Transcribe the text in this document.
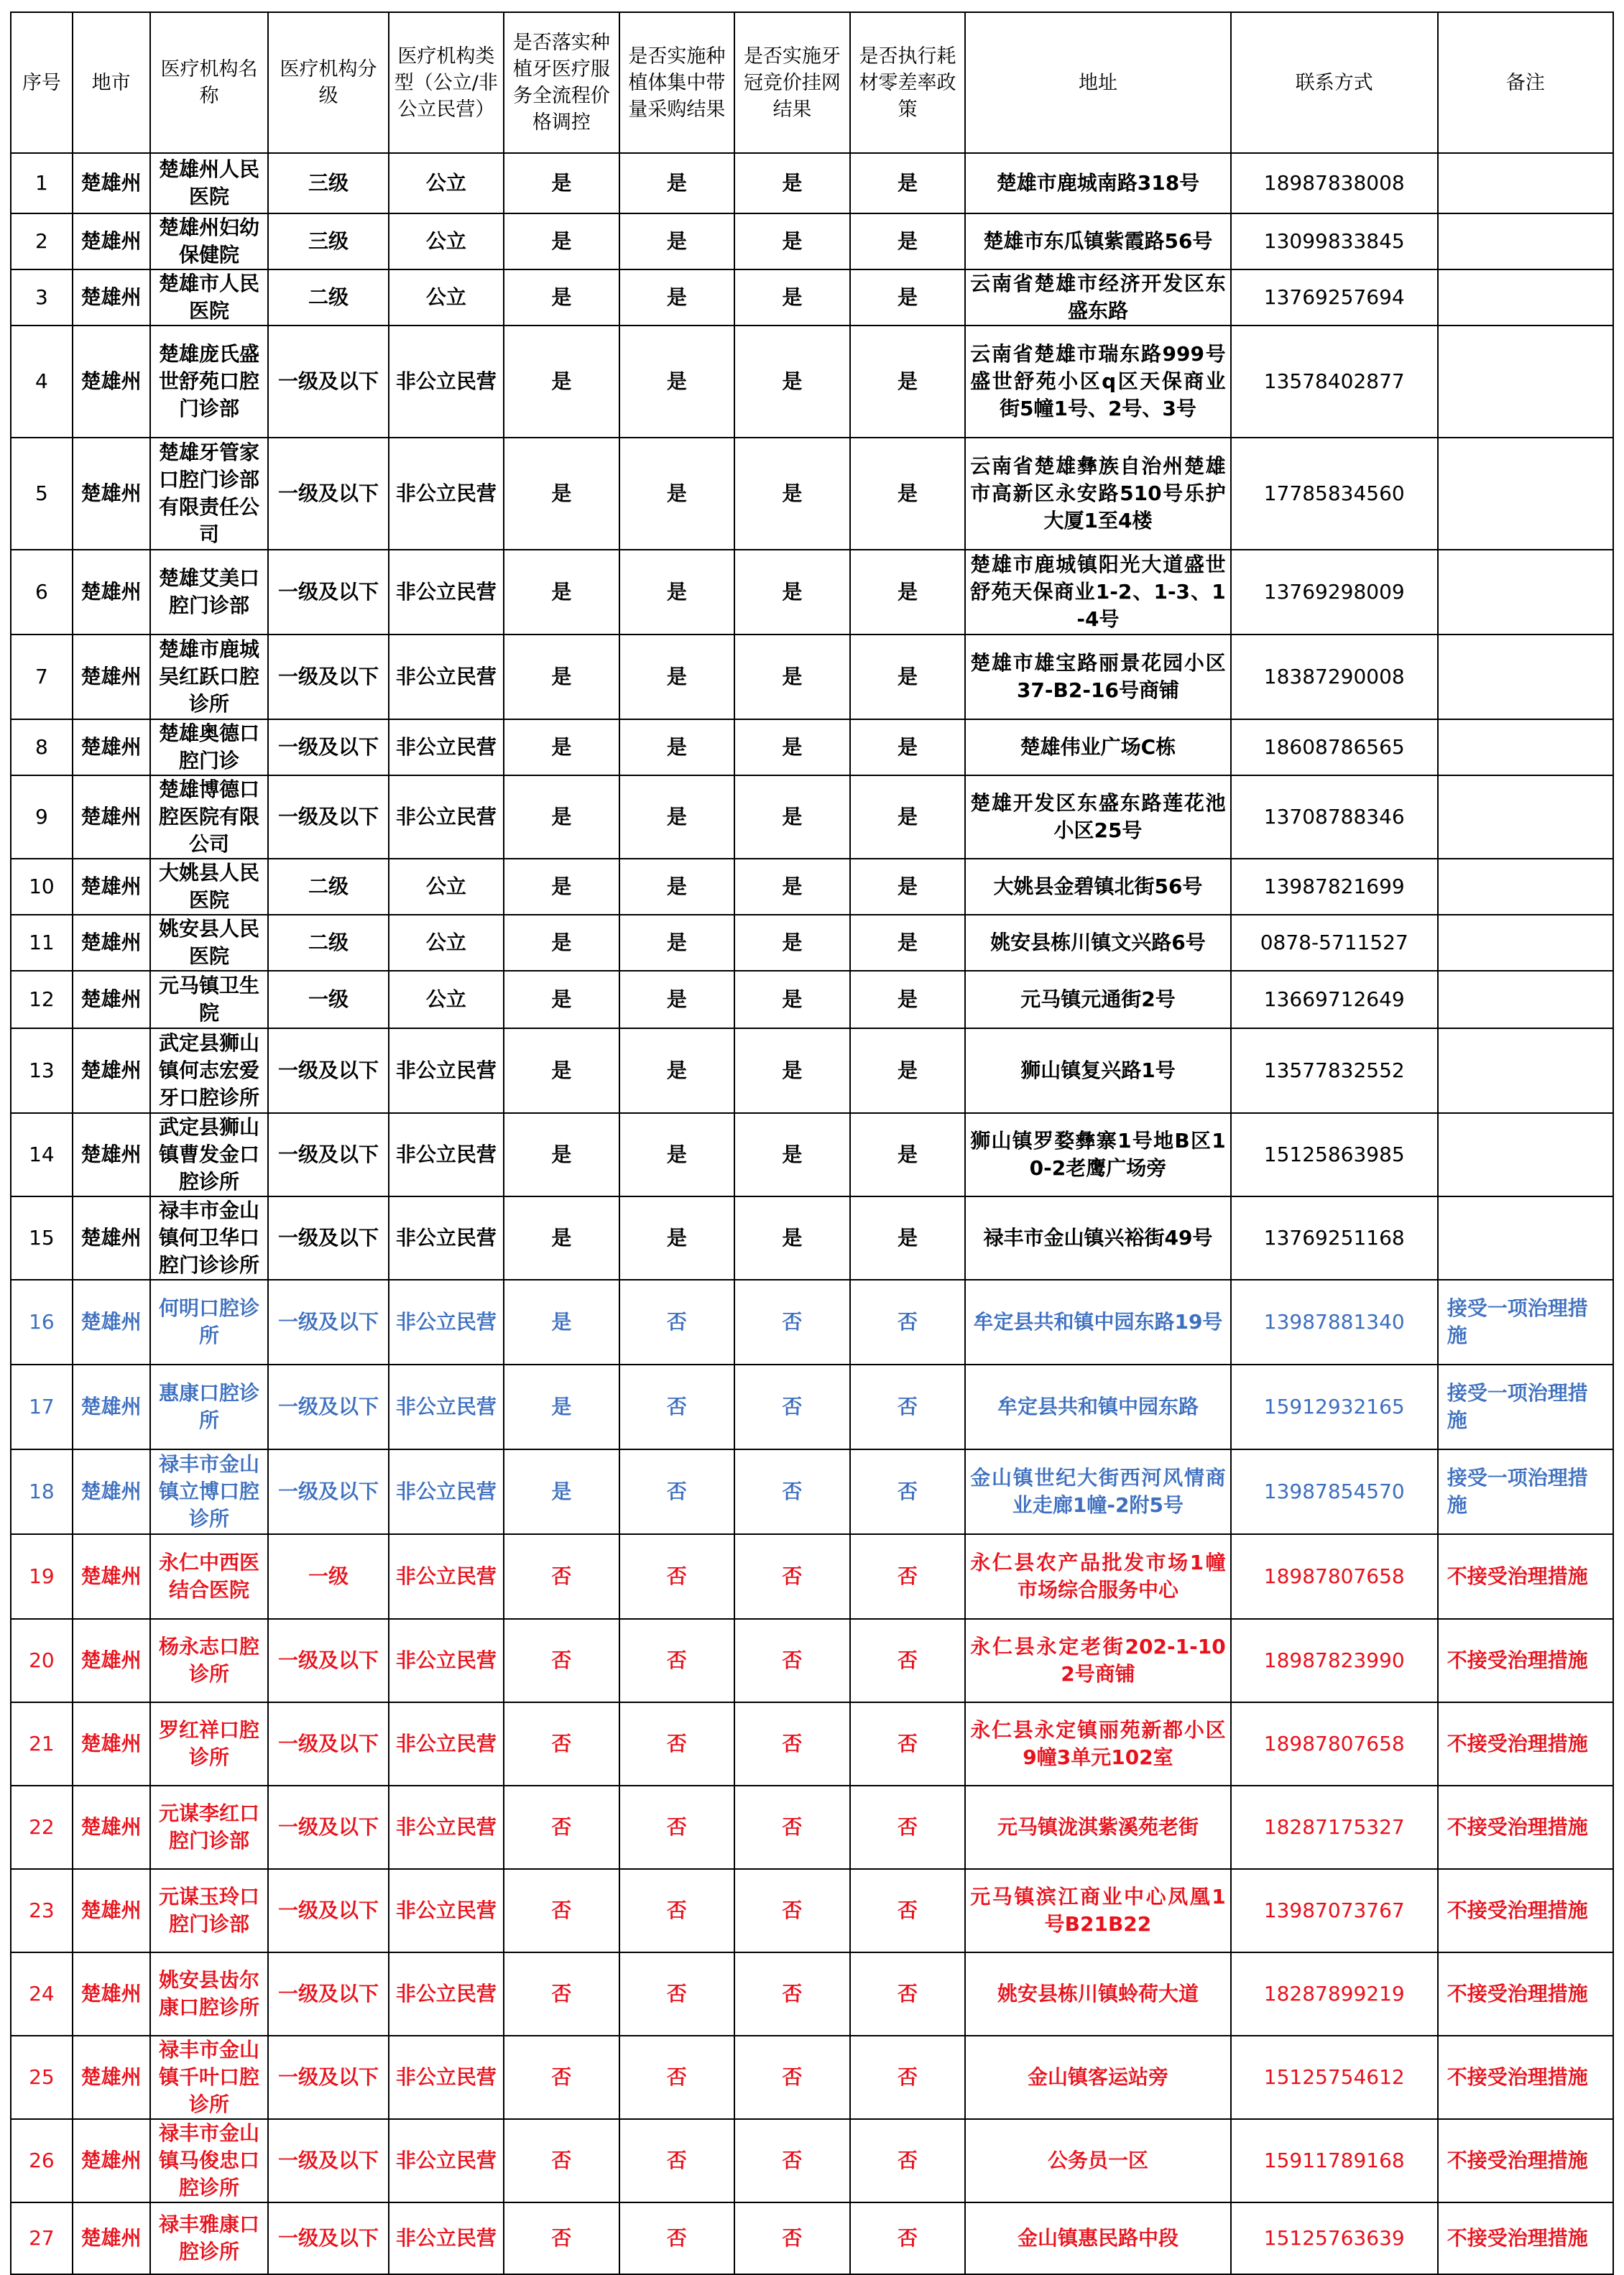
序号	地市	医疗机构名称	医疗机构分级	医疗机构类型（公立/非公立民营）	是否落实种植牙医疗服务全流程价格调控	是否实施种植体集中带量采购结果	是否实施牙冠竞价挂网结果	是否执行耗材零差率政策	地址	联系方式	备注
1	楚雄州	楚雄州人民医院	三级	公立	是	是	是	是	楚雄市鹿城南路318号	18987838008	
2	楚雄州	楚雄州妇幼保健院	三级	公立	是	是	是	是	楚雄市东瓜镇紫霞路56号	13099833845	
3	楚雄州	楚雄市人民医院	二级	公立	是	是	是	是	云南省楚雄市经济开发区东盛东路	13769257694	
4	楚雄州	楚雄庞氏盛世舒苑口腔门诊部	一级及以下	非公立民营	是	是	是	是	云南省楚雄市瑞东路999号盛世舒苑小区q区天保商业街5幢1号、2号、3号	13578402877	
5	楚雄州	楚雄牙管家口腔门诊部有限责任公司	一级及以下	非公立民营	是	是	是	是	云南省楚雄彝族自治州楚雄市高新区永安路510号乐护大厦1至4楼	17785834560	
6	楚雄州	楚雄艾美口腔门诊部	一级及以下	非公立民营	是	是	是	是	楚雄市鹿城镇阳光大道盛世舒苑天保商业1-2、1-3、1-4号	13769298009	
7	楚雄州	楚雄市鹿城吴红跃口腔诊所	一级及以下	非公立民营	是	是	是	是	楚雄市雄宝路丽景花园小区37-B2-16号商铺	18387290008	
8	楚雄州	楚雄奥德口腔门诊	一级及以下	非公立民营	是	是	是	是	楚雄伟业广场C栋	18608786565	
9	楚雄州	楚雄博德口腔医院有限公司	一级及以下	非公立民营	是	是	是	是	楚雄开发区东盛东路莲花池小区25号	13708788346	
10	楚雄州	大姚县人民医院	二级	公立	是	是	是	是	大姚县金碧镇北街56号	13987821699	
11	楚雄州	姚安县人民医院	二级	公立	是	是	是	是	姚安县栋川镇文兴路6号	0878-5711527	
12	楚雄州	元马镇卫生院	一级	公立	是	是	是	是	元马镇元通街2号	13669712649	
13	楚雄州	武定县狮山镇何志宏爱牙口腔诊所	一级及以下	非公立民营	是	是	是	是	狮山镇复兴路1号	13577832552	
14	楚雄州	武定县狮山镇曹发金口腔诊所	一级及以下	非公立民营	是	是	是	是	狮山镇罗婺彝寨1号地B区10-2老鹰广场旁	15125863985	
15	楚雄州	禄丰市金山镇何卫华口腔门诊诊所	一级及以下	非公立民营	是	是	是	是	禄丰市金山镇兴裕街49号	13769251168	
16	楚雄州	何明口腔诊所	一级及以下	非公立民营	是	否	否	否	牟定县共和镇中园东路19号	13987881340	接受一项治理措施
17	楚雄州	惠康口腔诊所	一级及以下	非公立民营	是	否	否	否	牟定县共和镇中园东路	15912932165	接受一项治理措施
18	楚雄州	禄丰市金山镇立博口腔诊所	一级及以下	非公立民营	是	否	否	否	金山镇世纪大街西河风情商业走廊1幢-2附5号	13987854570	接受一项治理措施
19	楚雄州	永仁中西医结合医院	一级	非公立民营	否	否	否	否	永仁县农产品批发市场1幢市场综合服务中心	18987807658	不接受治理措施
20	楚雄州	杨永志口腔诊所	一级及以下	非公立民营	否	否	否	否	永仁县永定老街202-1-102号商铺	18987823990	不接受治理措施
21	楚雄州	罗红祥口腔诊所	一级及以下	非公立民营	否	否	否	否	永仁县永定镇丽苑新都小区9幢3单元102室	18987807658	不接受治理措施
22	楚雄州	元谋李红口腔门诊部	一级及以下	非公立民营	否	否	否	否	元马镇泷淇紫溪苑老街	18287175327	不接受治理措施
23	楚雄州	元谋玉玲口腔门诊部	一级及以下	非公立民营	否	否	否	否	元马镇滨江商业中心凤凰1号B21B22	13987073767	不接受治理措施
24	楚雄州	姚安县齿尔康口腔诊所	一级及以下	非公立民营	否	否	否	否	姚安县栋川镇蛉荷大道	18287899219	不接受治理措施
25	楚雄州	禄丰市金山镇千叶口腔诊所	一级及以下	非公立民营	否	否	否	否	金山镇客运站旁	15125754612	不接受治理措施
26	楚雄州	禄丰市金山镇马俊忠口腔诊所	一级及以下	非公立民营	否	否	否	否	公务员一区	15911789168	不接受治理措施
27	楚雄州	禄丰雅康口腔诊所	一级及以下	非公立民营	否	否	否	否	金山镇惠民路中段	15125763639	不接受治理措施
